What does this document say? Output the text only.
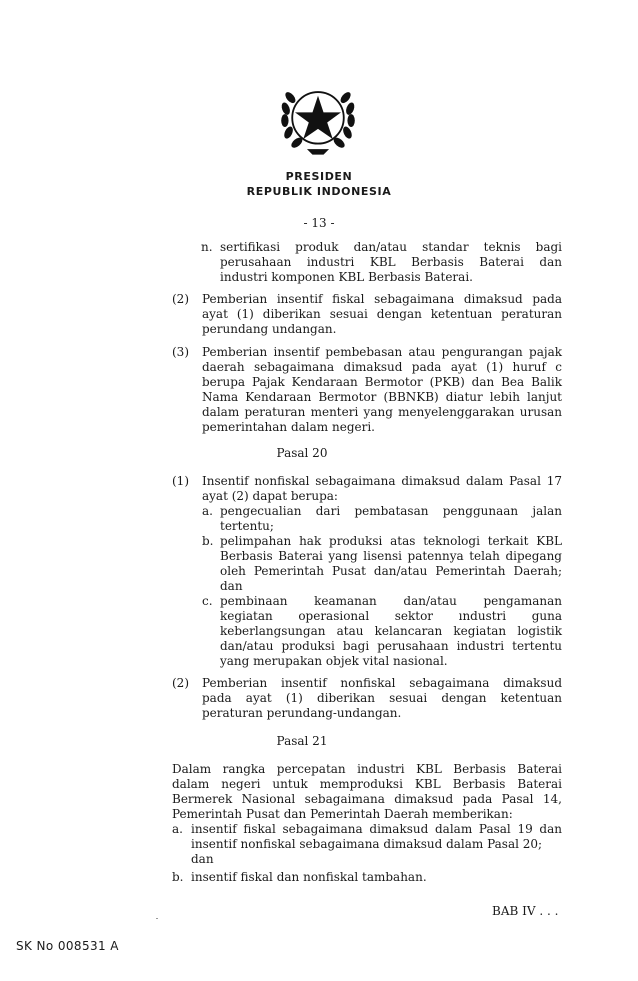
PRESIDEN
REPUBLIK INDONESIA
- 13 -
n. sertifikasi produk dan/atau standar teknis bagi
perusahaan industri KBL Berbasis Baterai dan
industri komponen KBL Berbasis Baterai.
(2) Pemberian insentif fiskal sebagaimana dimaksud pada
ayat (1) diberikan sesuai dengan ketentuan peraturan
perundang undangan.
(3) Pemberian insentif pembebasan atau pengurangan pajak
daerah sebagaimana dimaksud pada ayat (1) huruf c
berupa Pajak Kendaraan Bermotor (PKB) dan Bea Balik
Nama Kendaraan Bermotor (BBNKB) diatur lebih lanjut
dalam peraturan menteri yang menyelenggarakan urusan
pemerintahan dalam negeri.
Pasal 20
(1) Insentif nonfiskal sebagaimana dimaksud dalam Pasal 17
ayat (2) dapat berupa:
a. pengecualian dari pembatasan penggunaan jalan
tertentu;
b. pelimpahan hak produksi atas teknologi terkait KBL
Berbasis Baterai yang lisensi patennya telah dipegang
oleh Pemerintah Pusat dan/atau Pemerintah Daerah;
dan
c. pembinaan keamanan dan/atau pengamanan
kegiatan operasional sektor ındustri guna
keberlangsungan atau kelancaran kegiatan logistik
dan/atau produksi bagi perusahaan industri tertentu
yang merupakan objek vital nasional.
(2) Pemberian insentif nonfiskal sebagaimana dimaksud
pada ayat (1) diberikan sesuai dengan ketentuan
peraturan perundang-undangan.
Pasal 21
Dalam rangka percepatan industri KBL Berbasis Baterai
dalam negeri untuk memproduksi KBL Berbasis Baterai
Bermerek Nasional sebagaimana dimaksud pada Pasal 14,
Pemerintah Pusat dan Pemerintah Daerah memberikan:
a. insentif fiskal sebagaimana dimaksud dalam Pasal 19 dan
insentif nonfiskal sebagaimana dimaksud dalam Pasal 20;
dan
b. insentif fiskal dan nonfiskal tambahan.
BAB IV . . .
SK No 008531 A
